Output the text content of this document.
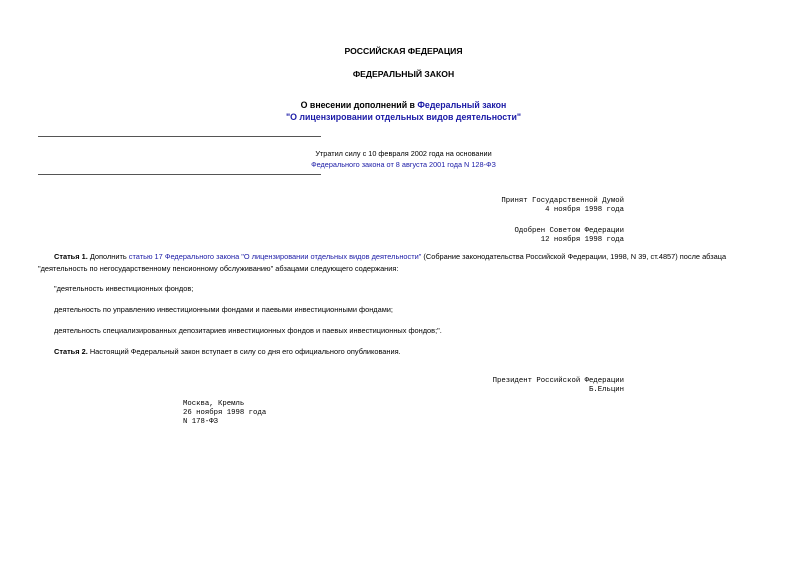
РОССИЙСКАЯ ФЕДЕРАЦИЯ
ФЕДЕРАЛЬНЫЙ ЗАКОН
О внесении дополнений в Федеральный закон
"О лицензировании отдельных видов деятельности"
Утратил силу с 10 февраля 2002 года на основании
Федерального закона от 8 августа 2001 года N 128-ФЗ
Принят Государственной Думой
4 ноября 1998 года
Одобрен Советом Федерации
12 ноября 1998 года
Статья 1. Дополнить статью 17 Федерального закона "О лицензировании отдельных видов деятельности" (Собрание законодательства Российской Федерации, 1998, N 39, ст.4857) после абзаца "деятельность по негосударственному пенсионному обслуживанию" абзацами следующего содержания:
"деятельность инвестиционных фондов;
деятельность по управлению инвестиционными фондами и паевыми инвестиционными фондами;
деятельность специализированных депозитариев инвестиционных фондов и паевых инвестиционных фондов;".
Статья 2. Настоящий Федеральный закон вступает в силу со дня его официального опубликования.
Президент Российской Федерации
Б.Ельцин
Москва, Кремль
26 ноября 1998 года
N 178-ФЗ
